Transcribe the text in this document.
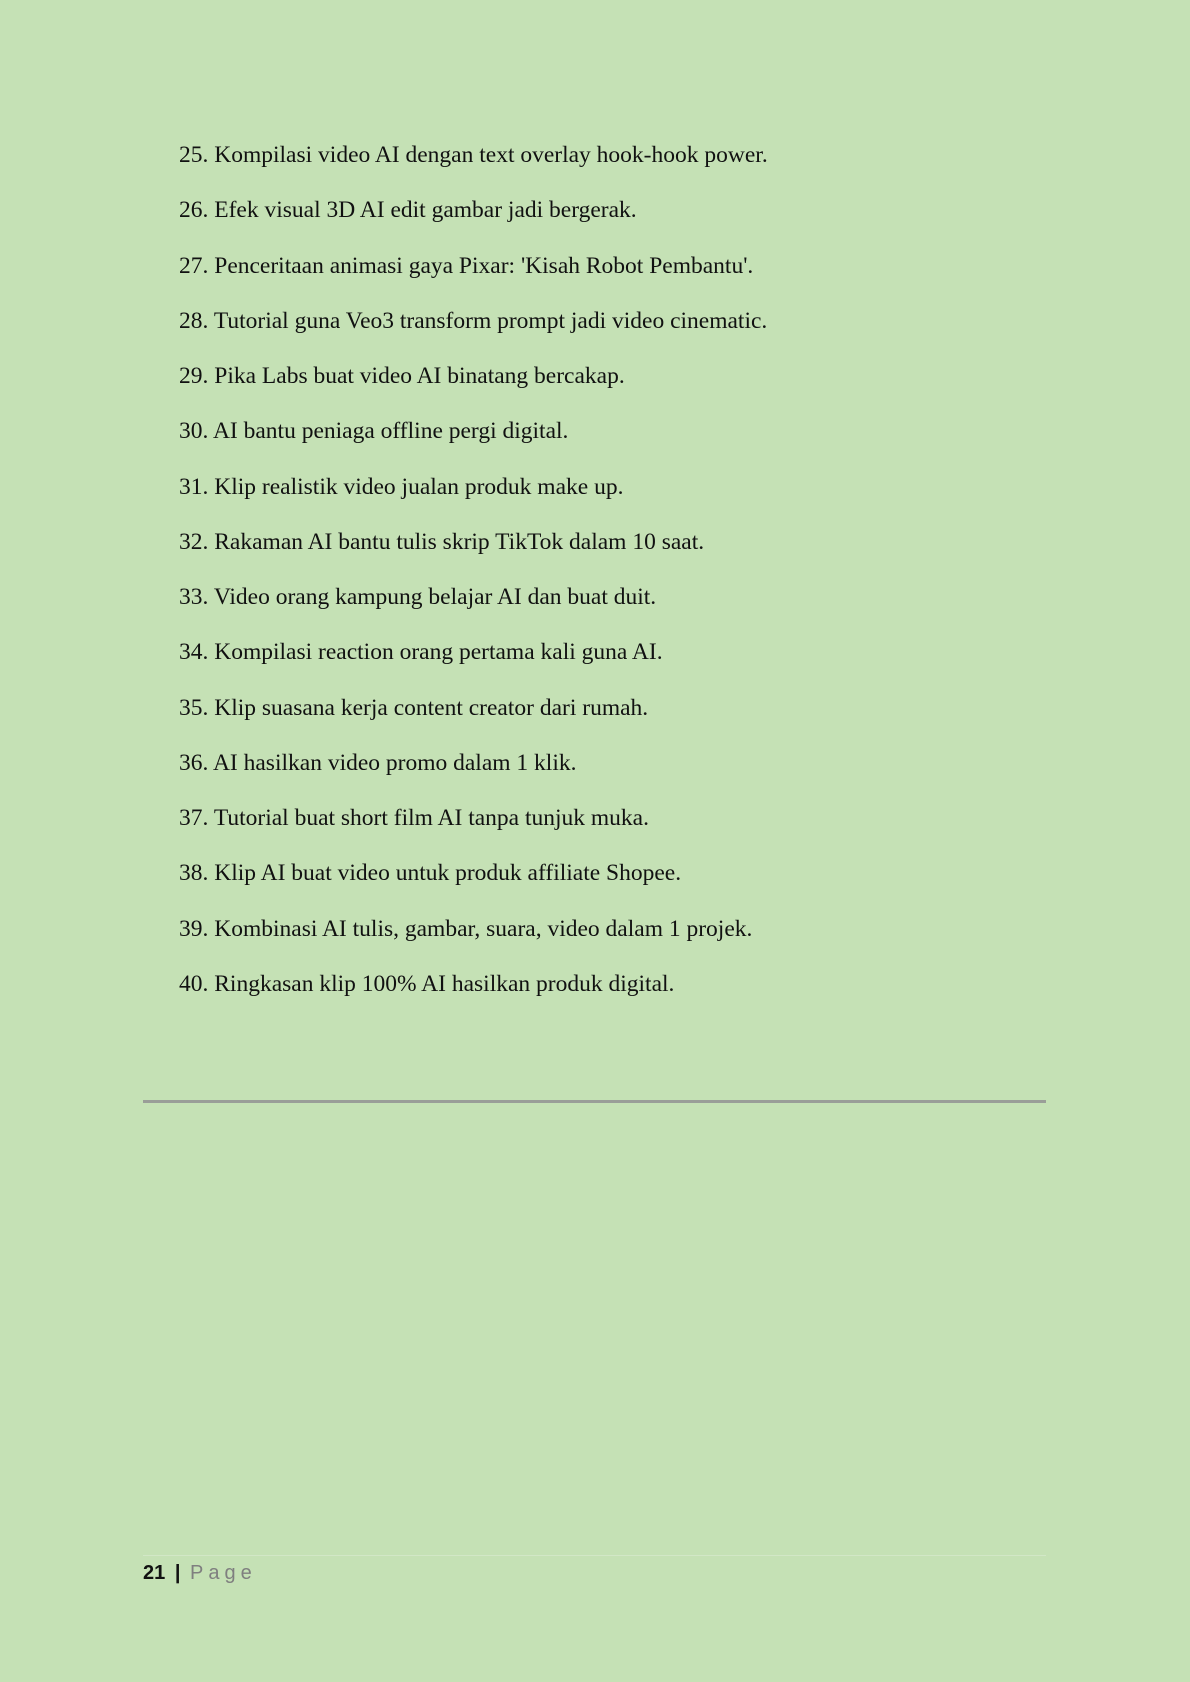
25. Kompilasi video AI dengan text overlay hook-hook power.
26. Efek visual 3D AI edit gambar jadi bergerak.
27. Penceritaan animasi gaya Pixar: 'Kisah Robot Pembantu'.
28. Tutorial guna Veo3 transform prompt jadi video cinematic.
29. Pika Labs buat video AI binatang bercakap.
30. AI bantu peniaga offline pergi digital.
31. Klip realistik video jualan produk make up.
32. Rakaman AI bantu tulis skrip TikTok dalam 10 saat.
33. Video orang kampung belajar AI dan buat duit.
34. Kompilasi reaction orang pertama kali guna AI.
35. Klip suasana kerja content creator dari rumah.
36. AI hasilkan video promo dalam 1 klik.
37. Tutorial buat short film AI tanpa tunjuk muka.
38. Klip AI buat video untuk produk affiliate Shopee.
39. Kombinasi AI tulis, gambar, suara, video dalam 1 projek.
40. Ringkasan klip 100% AI hasilkan produk digital.
21 | Page
